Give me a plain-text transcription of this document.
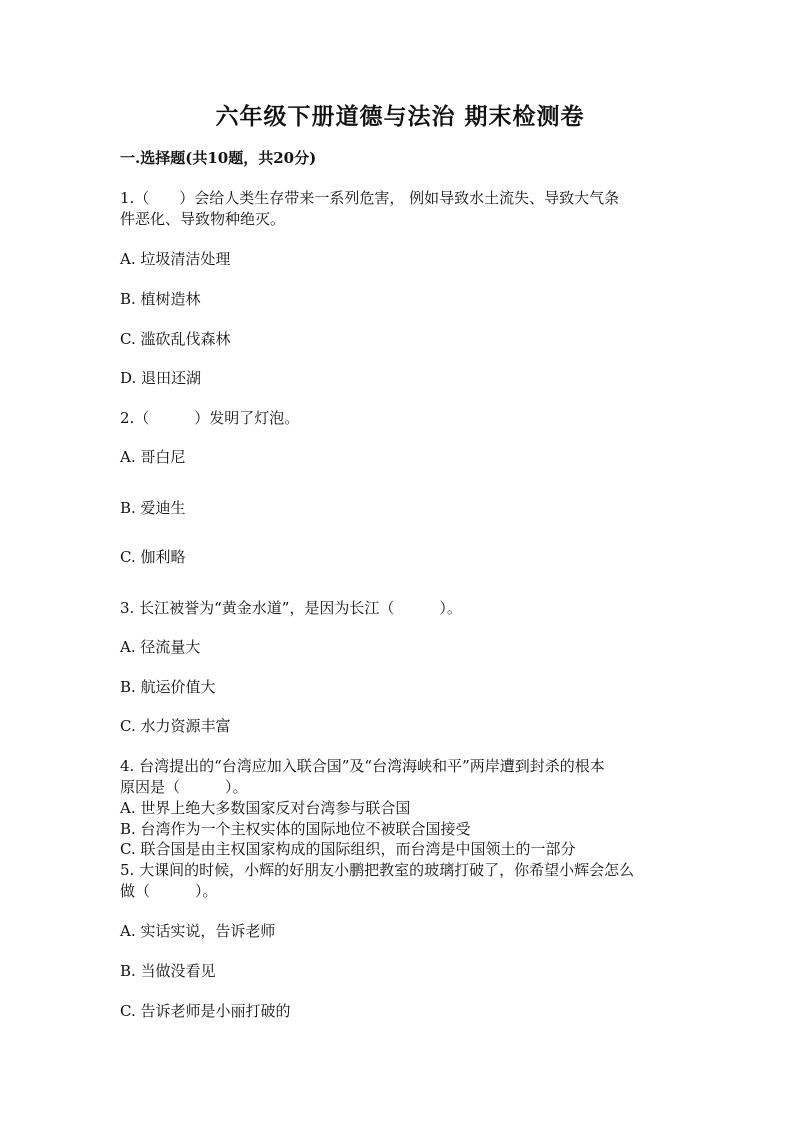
六年级下册道德与法治 期末检测卷
一.选择题(共10题，共20分)
1.（　　）会给人类生存带来一系列危害， 例如导致水土流失、导致大气条
件恶化、导致物种绝灭。
A. 垃圾清洁处理
B. 植树造林
C. 滥砍乱伐森林
D. 退田还湖
2.（　　　）发明了灯泡。
A. 哥白尼
B. 爱迪生
C. 伽利略
3. 长江被誉为“黄金水道”，是因为长江（　　　）。
A. 径流量大
B. 航运价值大
C. 水力资源丰富
4. 台湾提出的“台湾应加入联合国”及“台湾海峡和平”两岸遭到封杀的根本
原因是（　　　）。
A. 世界上绝大多数国家反对台湾参与联合国
B. 台湾作为一个主权实体的国际地位不被联合国接受
C. 联合国是由主权国家构成的国际组织，而台湾是中国领土的一部分
5. 大课间的时候，小辉的好朋友小鹏把教室的玻璃打破了，你希望小辉会怎么
做（　　　）。
A. 实话实说，告诉老师
B. 当做没看见
C. 告诉老师是小丽打破的
